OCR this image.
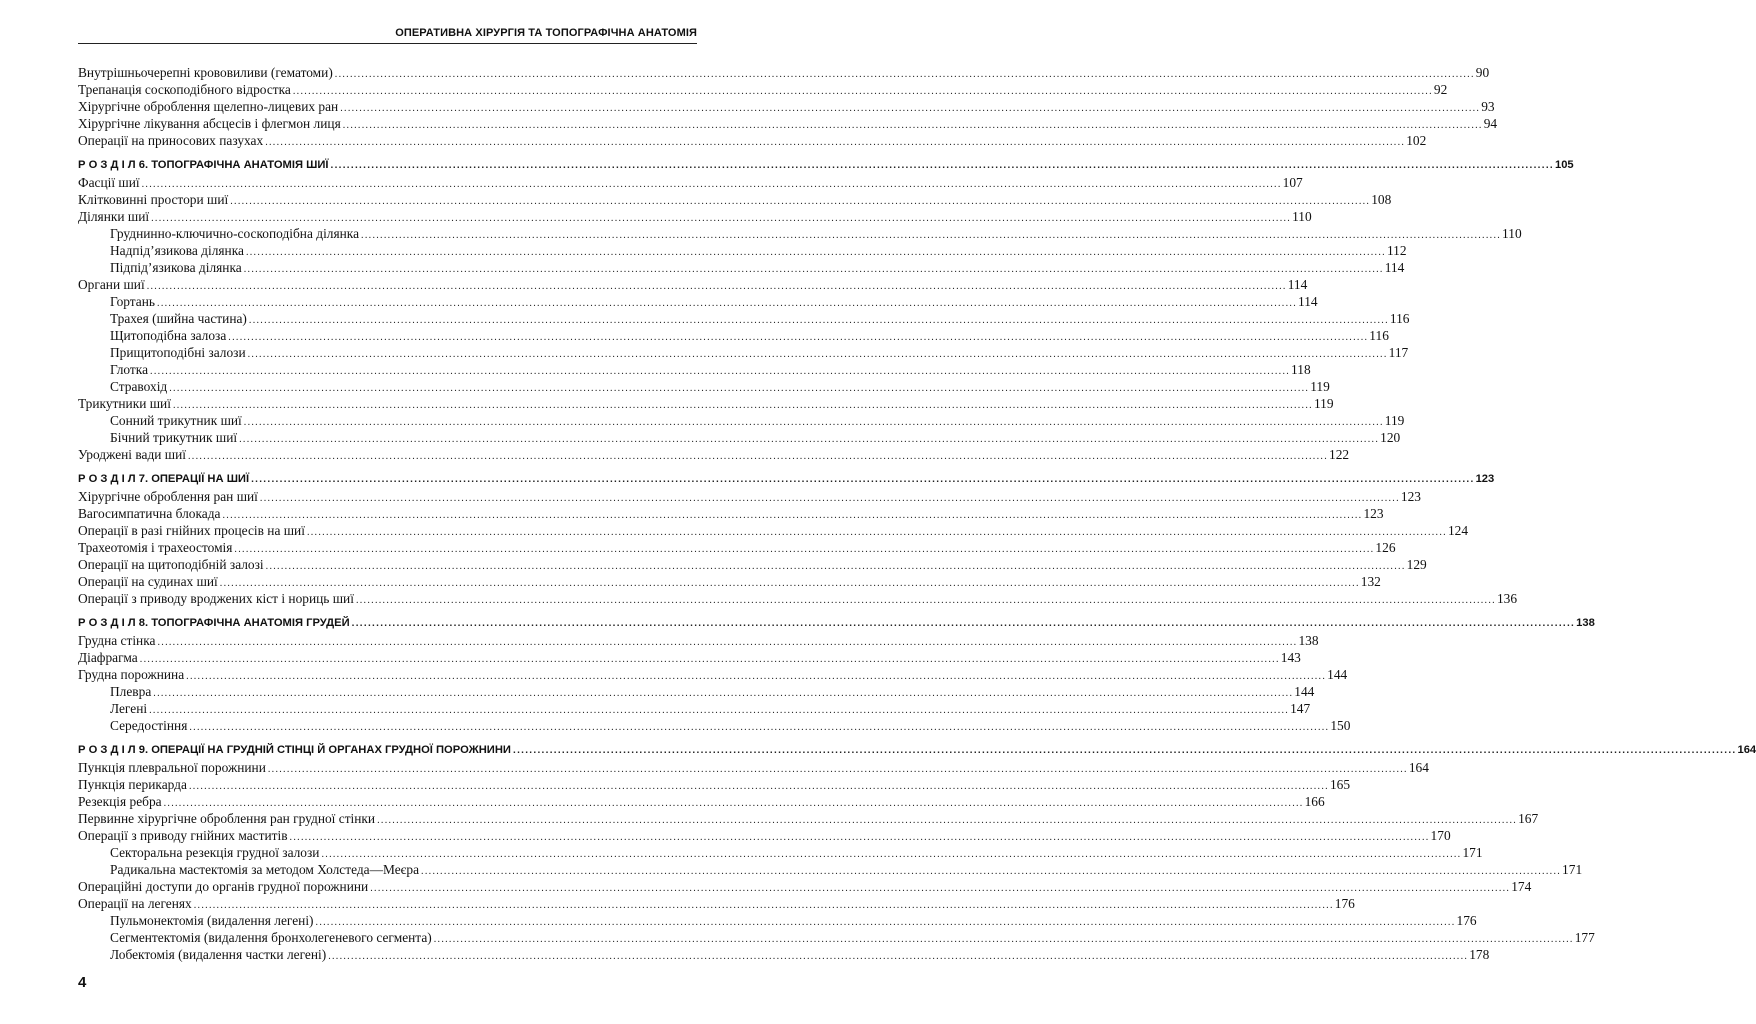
ОПЕРАТИВНА ХІРУРГІЯ ТА ТОПОГРАФІЧНА АНАТОМІЯ
Внутрішньочерепні крововиливи (гематоми) ............................................................................................................................................................................................................................................................................................................ 90
Трепанація соскоподібного відростка ............................................................................................................................................................................................................................................................................................................ 92
Хірургічне оброблення щелепно-лицевих ран ............................................................................................................................................................................................................................................................................................................ 93
Хірургічне лікування абсцесів і флегмон лиця ............................................................................................................................................................................................................................................................................................................ 94
Операції на приносових пазухах ............................................................................................................................................................................................................................................................................................................ 102
Р О З Д І Л 6. ТОПОГРАФІЧНА АНАТОМІЯ ШИЇ ............................................................................................................................................................................................................................................................................................................ 105
Фасції шиї ............................................................................................................................................................................................................................................................................................................ 107
Клітковинні простори шиї ............................................................................................................................................................................................................................................................................................................ 108
Ділянки шиї ............................................................................................................................................................................................................................................................................................................ 110
Груднинно-ключично-соскоподібна ділянка ............................................................................................................................................................................................................................................................................................................ 110
Надпід’язикова ділянка ............................................................................................................................................................................................................................................................................................................ 112
Підпід’язикова ділянка ............................................................................................................................................................................................................................................................................................................ 114
Органи шиї ............................................................................................................................................................................................................................................................................................................ 114
Гортань ............................................................................................................................................................................................................................................................................................................ 114
Трахея (шийна частина) ............................................................................................................................................................................................................................................................................................................ 116
Щитоподібна залоза ............................................................................................................................................................................................................................................................................................................ 116
Прищитоподібні залози ............................................................................................................................................................................................................................................................................................................ 117
Глотка ............................................................................................................................................................................................................................................................................................................ 118
Стравохід ............................................................................................................................................................................................................................................................................................................ 119
Трикутники шиї ............................................................................................................................................................................................................................................................................................................ 119
Сонний трикутник шиї ............................................................................................................................................................................................................................................................................................................ 119
Бічний трикутник шиї ............................................................................................................................................................................................................................................................................................................ 120
Уроджені вади шиї ............................................................................................................................................................................................................................................................................................................ 122
Р О З Д І Л 7. ОПЕРАЦІЇ НА ШИЇ ............................................................................................................................................................................................................................................................................................................ 123
Хірургічне оброблення ран шиї ............................................................................................................................................................................................................................................................................................................ 123
Вагосимпатична блокада ............................................................................................................................................................................................................................................................................................................ 123
Операції в разі гнійних процесів на шиї ............................................................................................................................................................................................................................................................................................................ 124
Трахеотомія і трахеостомія ............................................................................................................................................................................................................................................................................................................ 126
Операції на щитоподібній залозі ............................................................................................................................................................................................................................................................................................................ 129
Операції на судинах шиї ............................................................................................................................................................................................................................................................................................................ 132
Операції з приводу вроджених кіст і нориць шиї ............................................................................................................................................................................................................................................................................................................ 136
Р О З Д І Л 8. ТОПОГРАФІЧНА АНАТОМІЯ ГРУДЕЙ ............................................................................................................................................................................................................................................................................................................ 138
Грудна стінка ............................................................................................................................................................................................................................................................................................................ 138
Діафрагма ............................................................................................................................................................................................................................................................................................................ 143
Грудна порожнина ............................................................................................................................................................................................................................................................................................................ 144
Плевра ............................................................................................................................................................................................................................................................................................................ 144
Легені ............................................................................................................................................................................................................................................................................................................ 147
Середостіння ............................................................................................................................................................................................................................................................................................................ 150
Р О З Д І Л 9. ОПЕРАЦІЇ НА ГРУДНІЙ СТІНЦІ Й ОРГАНАХ ГРУДНОЇ ПОРОЖНИНИ ............................................................................................................................................................................................................................................................................................................ 164
Пункція плевральної порожнини ............................................................................................................................................................................................................................................................................................................ 164
Пункція перикарда ............................................................................................................................................................................................................................................................................................................ 165
Резекція ребра ............................................................................................................................................................................................................................................................................................................ 166
Первинне хірургічне оброблення ран грудної стінки ............................................................................................................................................................................................................................................................................................................ 167
Операції з приводу гнійних маститів ............................................................................................................................................................................................................................................................................................................ 170
Секторальна резекція грудної залози ............................................................................................................................................................................................................................................................................................................ 171
Радикальна мастектомія за методом Холстеда—Меєра ............................................................................................................................................................................................................................................................................................................ 171
Операційні доступи до органів грудної порожнини ............................................................................................................................................................................................................................................................................................................ 174
Операції на легенях ............................................................................................................................................................................................................................................................................................................ 176
Пульмонектомія (видалення легені) ............................................................................................................................................................................................................................................................................................................ 176
Сегментектомія (видалення бронхолегеневого сегмента) ............................................................................................................................................................................................................................................................................................................ 177
Лобектомія (видалення частки легені) ............................................................................................................................................................................................................................................................................................................ 178
4
